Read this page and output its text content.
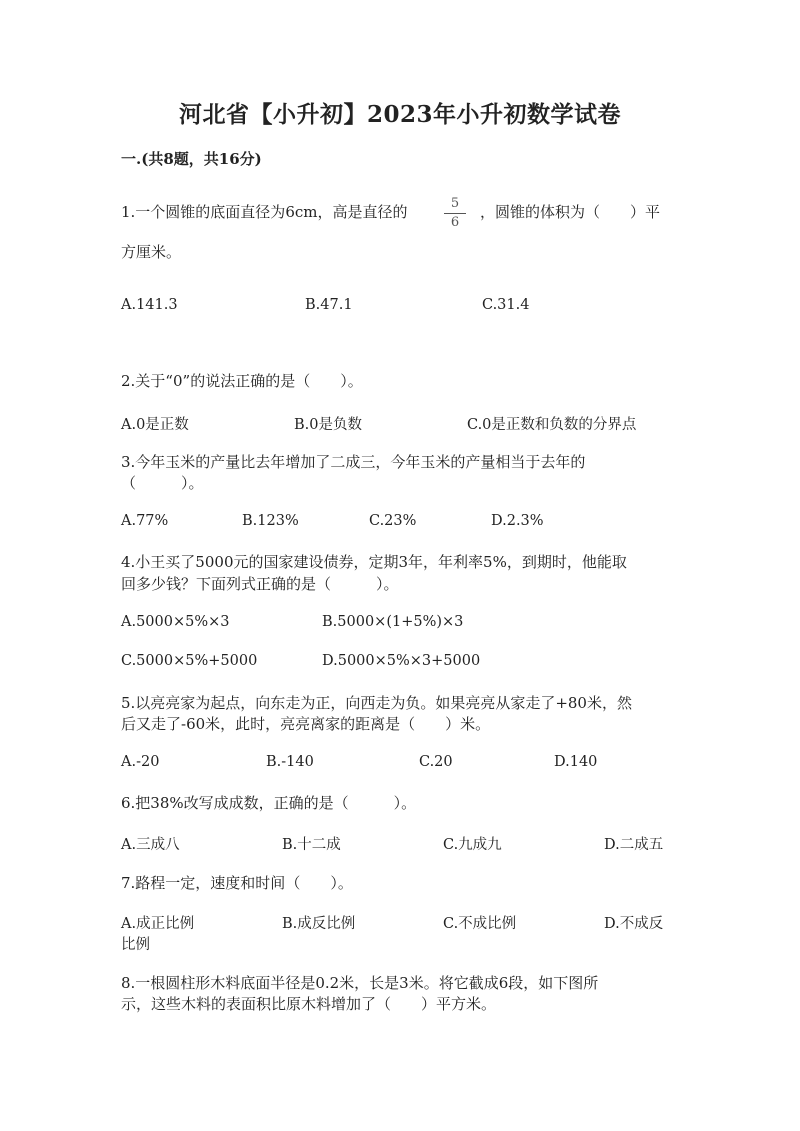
河北省【小升初】2023年小升初数学试卷
一.(共8题，共16分)
1.一个圆锥的底面直径为6cm，高是直径的	$\frac{5}{6}$ ，圆锥的体积为（　　）平
方厘米。
A.141.3	B.47.1	C.31.4
2.关于“0”的说法正确的是（　　）。
A.0是正数	B.0是负数	C.0是正数和负数的分界点
3.今年玉米的产量比去年增加了二成三，今年玉米的产量相当于去年的
（　　　）。
A.77%	B.123%	C.23%	D.2.3%
4.小王买了5000元的国家建设债券，定期3年，年利率5%，到期时，他能取
回多少钱？下面列式正确的是（　　　）。
A.5000×5%×3	B.5000×(1+5%)×3
C.5000×5%+5000	D.5000×5%×3+5000
5.以亮亮家为起点，向东走为正，向西走为负。如果亮亮从家走了+80米，然
后又走了-60米，此时，亮亮离家的距离是（　　）米。
A.-20	B.-140	C.20	D.140
6.把38%改写成成数，正确的是（　　　）。
A.三成八	B.十二成	C.九成九	D.二成五
7.路程一定，速度和时间（　　）。
A.成正比例	B.成反比例	C.不成比例	D.不成反
比例
8.一根圆柱形木料底面半径是0.2米，长是3米。将它截成6段，如下图所
示，这些木料的表面积比原木料增加了（　　）平方米。
